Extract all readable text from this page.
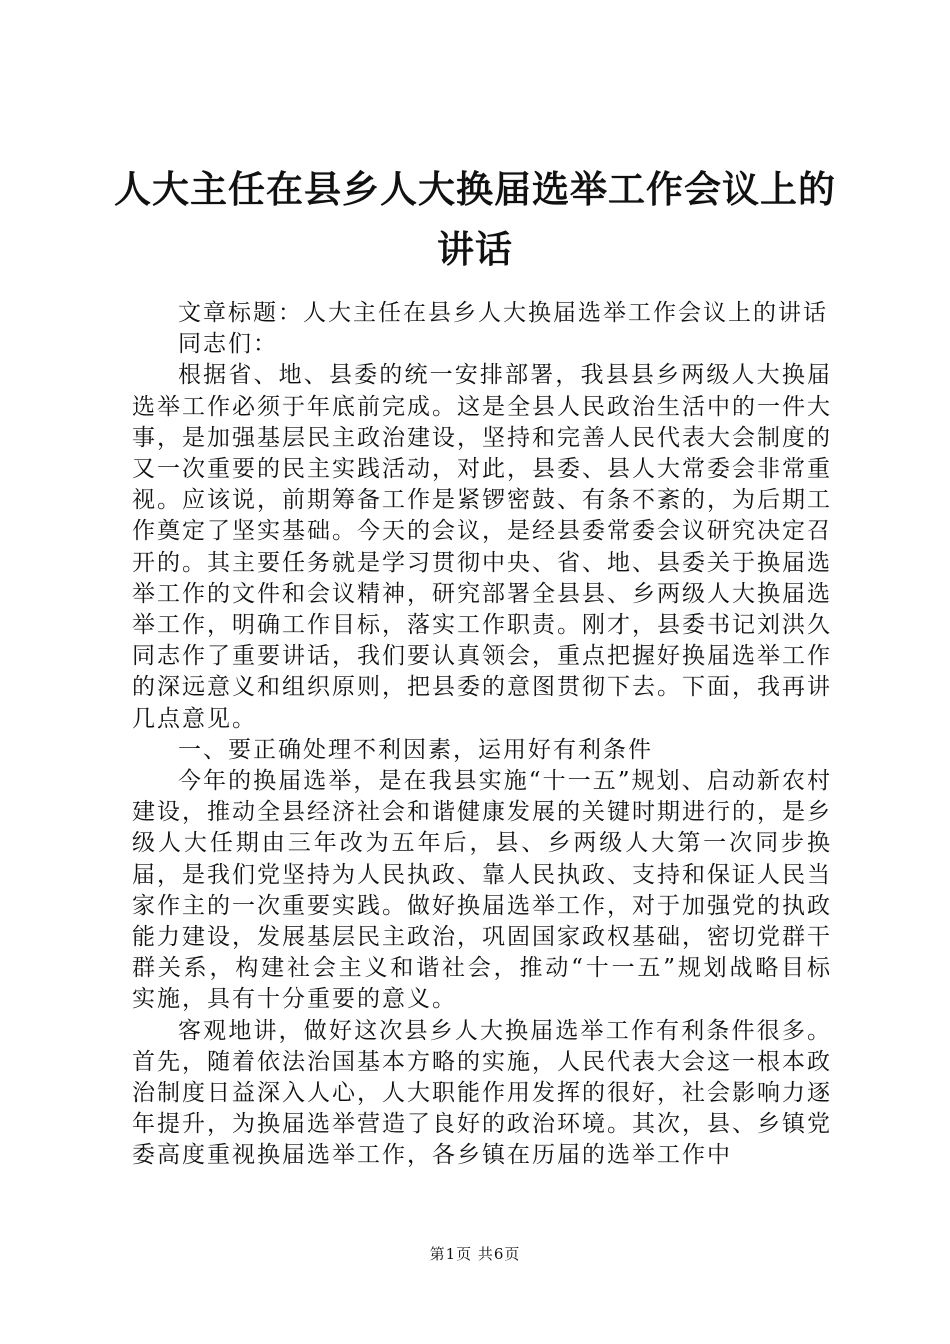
人大主任在县乡人大换届选举工作会议上的讲话

文章标题：人大主任在县乡人大换届选举工作会议上的讲话

同志们：

根据省、地、县委的统一安排部署，我县县乡两级人大换届选举工作必须于年底前完成。这是全县人民政治生活中的一件大事，是加强基层民主政治建设，坚持和完善人民代表大会制度的又一次重要的民主实践活动，对此，县委、县人大常委会非常重视。应该说，前期筹备工作是紧锣密鼓、有条不紊的，为后期工作奠定了坚实基础。今天的会议，是经县委常委会议研究决定召开的。其主要任务就是学习贯彻中央、省、地、县委关于换届选举工作的文件和会议精神，研究部署全县县、乡两级人大换届选举工作，明确工作目标，落实工作职责。刚才，县委书记刘洪久同志作了重要讲话，我们要认真领会，重点把握好换届选举工作的深远意义和组织原则，把县委的意图贯彻下去。下面，我再讲几点意见。

一、要正确处理不利因素，运用好有利条件

今年的换届选举，是在我县实施“十一五”规划、启动新农村建设，推动全县经济社会和谐健康发展的关键时期进行的，是乡级人大任期由三年改为五年后，县、乡两级人大第一次同步换届，是我们党坚持为人民执政、靠人民执政、支持和保证人民当家作主的一次重要实践。做好换届选举工作，对于加强党的执政能力建设，发展基层民主政治，巩固国家政权基础，密切党群干群关系，构建社会主义和谐社会，推动“十一五”规划战略目标实施，具有十分重要的意义。

客观地讲，做好这次县乡人大换届选举工作有利条件很多。首先，随着依法治国基本方略的实施，人民代表大会这一根本政治制度日益深入人心，人大职能作用发挥的很好，社会影响力逐年提升，为换届选举营造了良好的政治环境。其次，县、乡镇党委高度重视换届选举工作，各乡镇在历届的选举工作中

第1页 共6页
